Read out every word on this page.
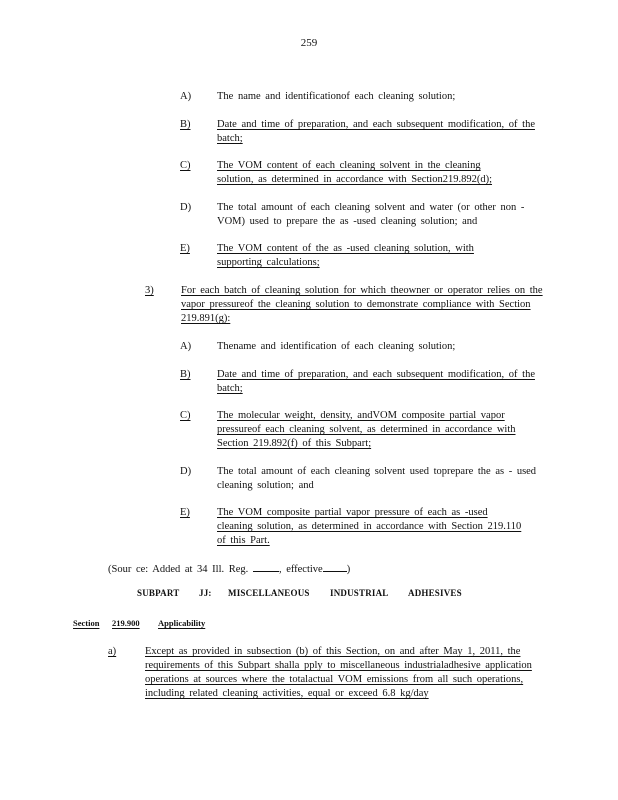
259
A) The name and identificationof each cleaning solution;
B)	Date and time of preparation, and each subsequent modification, of the batch;
C)	The VOM content of each cleaning solvent in the cleaning solution, as determined in accordance with Section219.892(d);
D) The total amount of each cleaning solvent and water (or other non - VOM) used to prepare the as -used cleaning solution; and
E)	The VOM content of the as -used cleaning solution, with supporting calculations;
3)	For each batch of cleaning solution for which theowner or operator relies on the vapor pressureof the cleaning solution to demonstrate compliance with Section 219.891(g):
A) Thename and identification of each cleaning solution;
B)	Date and time of preparation, and each subsequent modification, of the batch;
C)	The molecular weight, density, andVOM composite partial vapor pressureof each cleaning solvent, as determined in accordance with Section 219.892(f) of this Subpart;
D) The total amount of each cleaning solvent used toprepare the as - used cleaning solution; and
E)	The VOM composite partial vapor pressure of each as -used cleaning solution, as determined in accordance with Section 219.110 of this Part.
(Sour ce: Added at 34 Ill. Reg.	, effective )
SUBPART JJ: MISCELLANEOUS INDUSTRIAL ADHESIVES
Section 219.900 Applicability
a)	Except as provided in subsection (b) of this Section, on and after May 1, 2011, the requirements of this Subpart shalla pply to miscellaneous industrialadhesive application operations at sources where the totalactual VOM emissions from all such operations, including related cleaning activities, equal or exceed 6.8 kg/day
